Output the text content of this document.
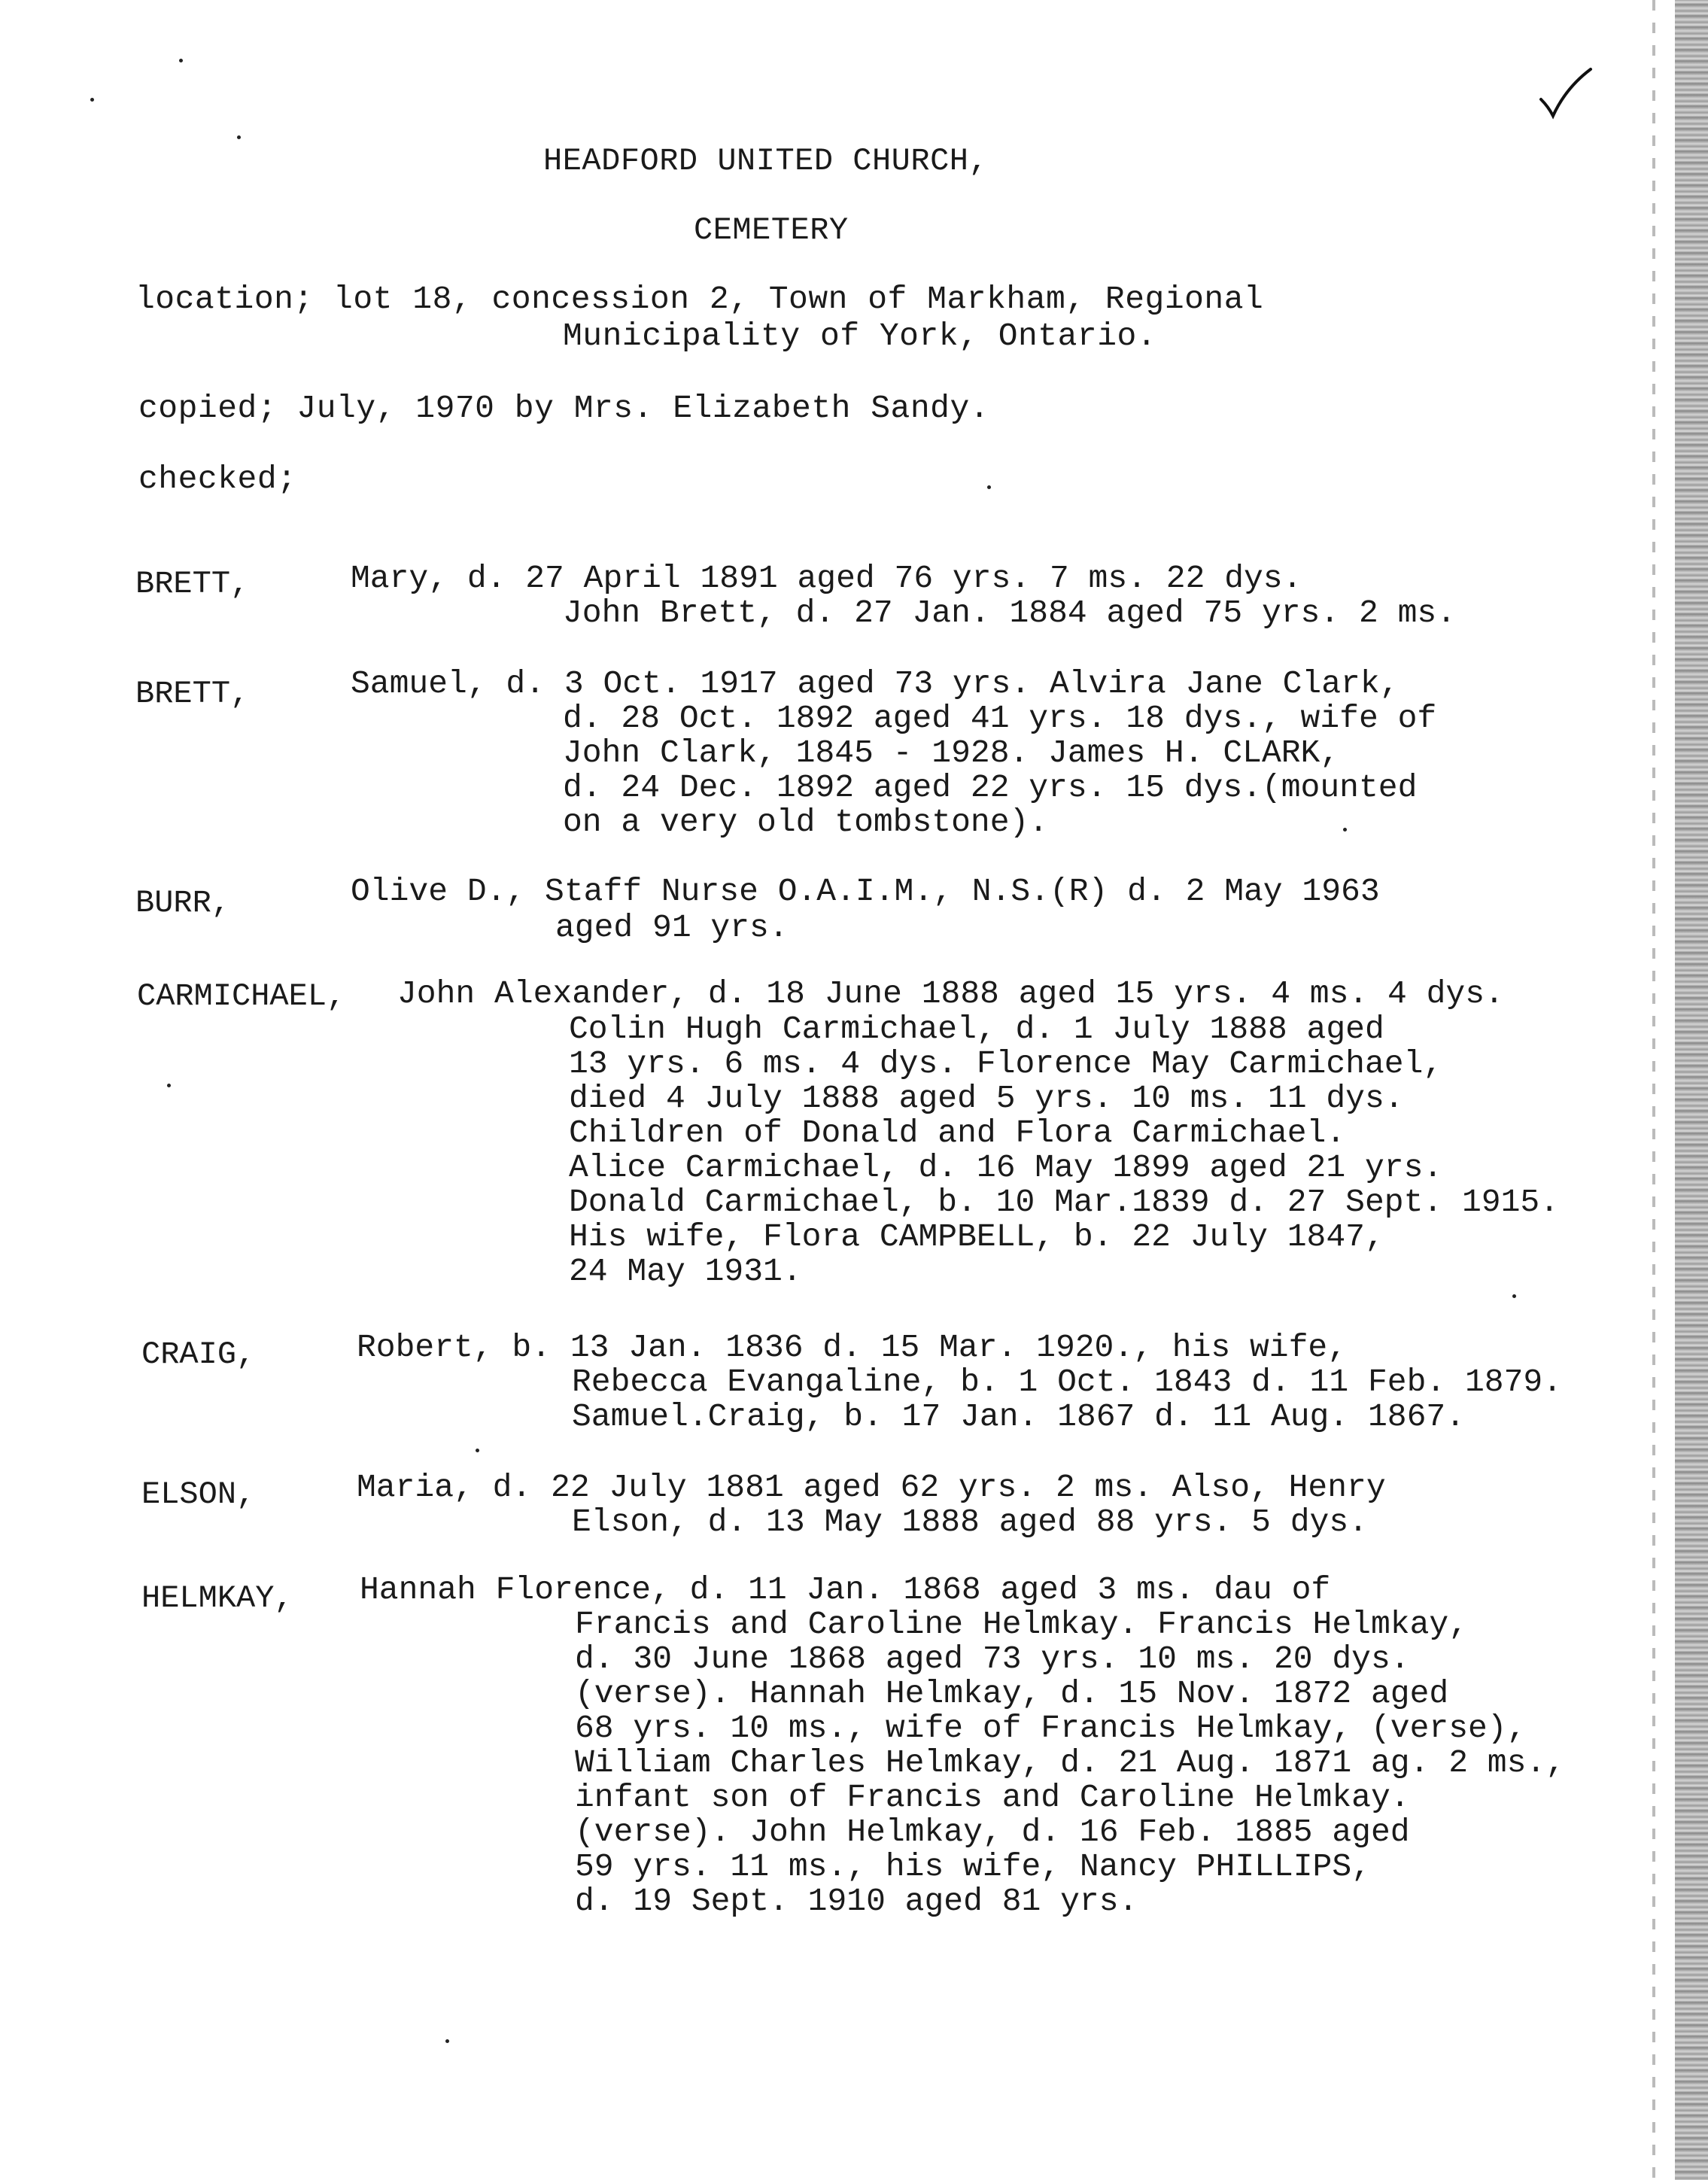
HEADFORD UNITED CHURCH,
CEMETERY
location; lot 18, concession 2, Town of Markham, Regional
Municipality of York, Ontario.
copied; July, 1970 by Mrs. Elizabeth Sandy.
checked;
BRETT,	Mary, d. 27 April 1891 aged 76 yrs. 7 ms. 22 dys.
John Brett, d. 27 Jan. 1884 aged 75 yrs. 2 ms.
BRETT,	Samuel, d. 3 Oct. 1917 aged 73 yrs. Alvira Jane Clark,
d. 28 Oct. 1892 aged 41 yrs. 18 dys., wife of
John Clark, 1845 - 1928. James H. CLARK,
d. 24 Dec. 1892 aged 22 yrs. 15 dys.(mounted
on a very old tombstone).
BURR,	Olive D., Staff Nurse O.A.I.M., N.S.(R) d. 2 May 1963
aged 91 yrs.
CARMICHAEL, John Alexander, d. 18 June 1888 aged 15 yrs. 4 ms. 4 dys.
Colin Hugh Carmichael, d. 1 July 1888 aged
13 yrs. 6 ms. 4 dys. Florence May Carmichael,
died 4 July 1888 aged 5 yrs. 10 ms. 11 dys.
Children of Donald and Flora Carmichael.
Alice Carmichael, d. 16 May 1899 aged 21 yrs.
Donald Carmichael, b. 10 Mar.1839 d. 27 Sept. 1915.
His wife, Flora CAMPBELL, b. 22 July 1847,
24 May 1931.
CRAIG,	Robert, b. 13 Jan. 1836 d. 15 Mar. 1920., his wife,
Rebecca Evangaline, b. 1 Oct. 1843 d. 11 Feb. 1879.
Samuel.Craig, b. 17 Jan. 1867 d. 11 Aug. 1867.
ELSON,	Maria, d. 22 July 1881 aged 62 yrs. 2 ms. Also, Henry
Elson, d. 13 May 1888 aged 88 yrs. 5 dys.
HELMKAY, Hannah Florence, d. 11 Jan. 1868 aged 3 ms. dau of
Francis and Caroline Helmkay. Francis Helmkay,
d. 30 June 1868 aged 73 yrs. 10 ms. 20 dys.
(verse). Hannah Helmkay, d. 15 Nov. 1872 aged
68 yrs. 10 ms., wife of Francis Helmkay, (verse),
William Charles Helmkay, d. 21 Aug. 1871 ag. 2 ms.,
infant son of Francis and Caroline Helmkay.
(verse). John Helmkay, d. 16 Feb. 1885 aged
59 yrs. 11 ms., his wife, Nancy PHILLIPS,
d. 19 Sept. 1910 aged 81 yrs.
